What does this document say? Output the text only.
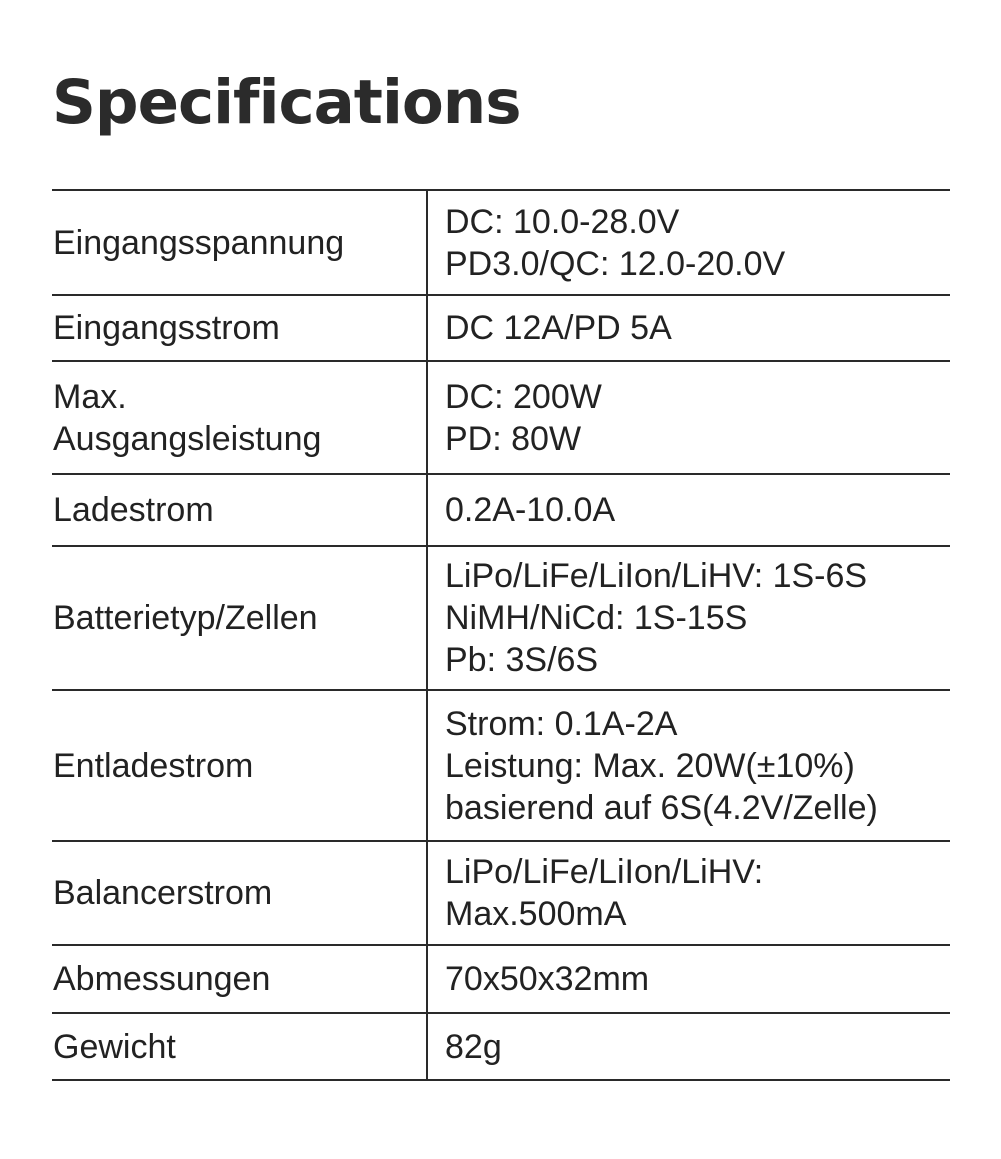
Specifications
Eingangsspannung	DC: 10.0-28.0V
PD3.0/QC: 12.0-20.0V

Eingangsstrom	DC 12A/PD 5A

Max.
Ausgangsleistung	DC: 200W
PD: 80W

Ladestrom	0.2A-10.0A

Batterietyp/Zellen	LiPo/LiFe/LiIon/LiHV: 1S-6S
NiMH/NiCd: 1S-15S
Pb: 3S/6S

Entladestrom	Strom: 0.1A-2A
Leistung: Max. 20W(±10%)
basierend auf 6S(4.2V/Zelle)

Balancerstrom	LiPo/LiFe/LiIon/LiHV:
Max.500mA

Abmessungen	70x50x32mm

Gewicht	82g
